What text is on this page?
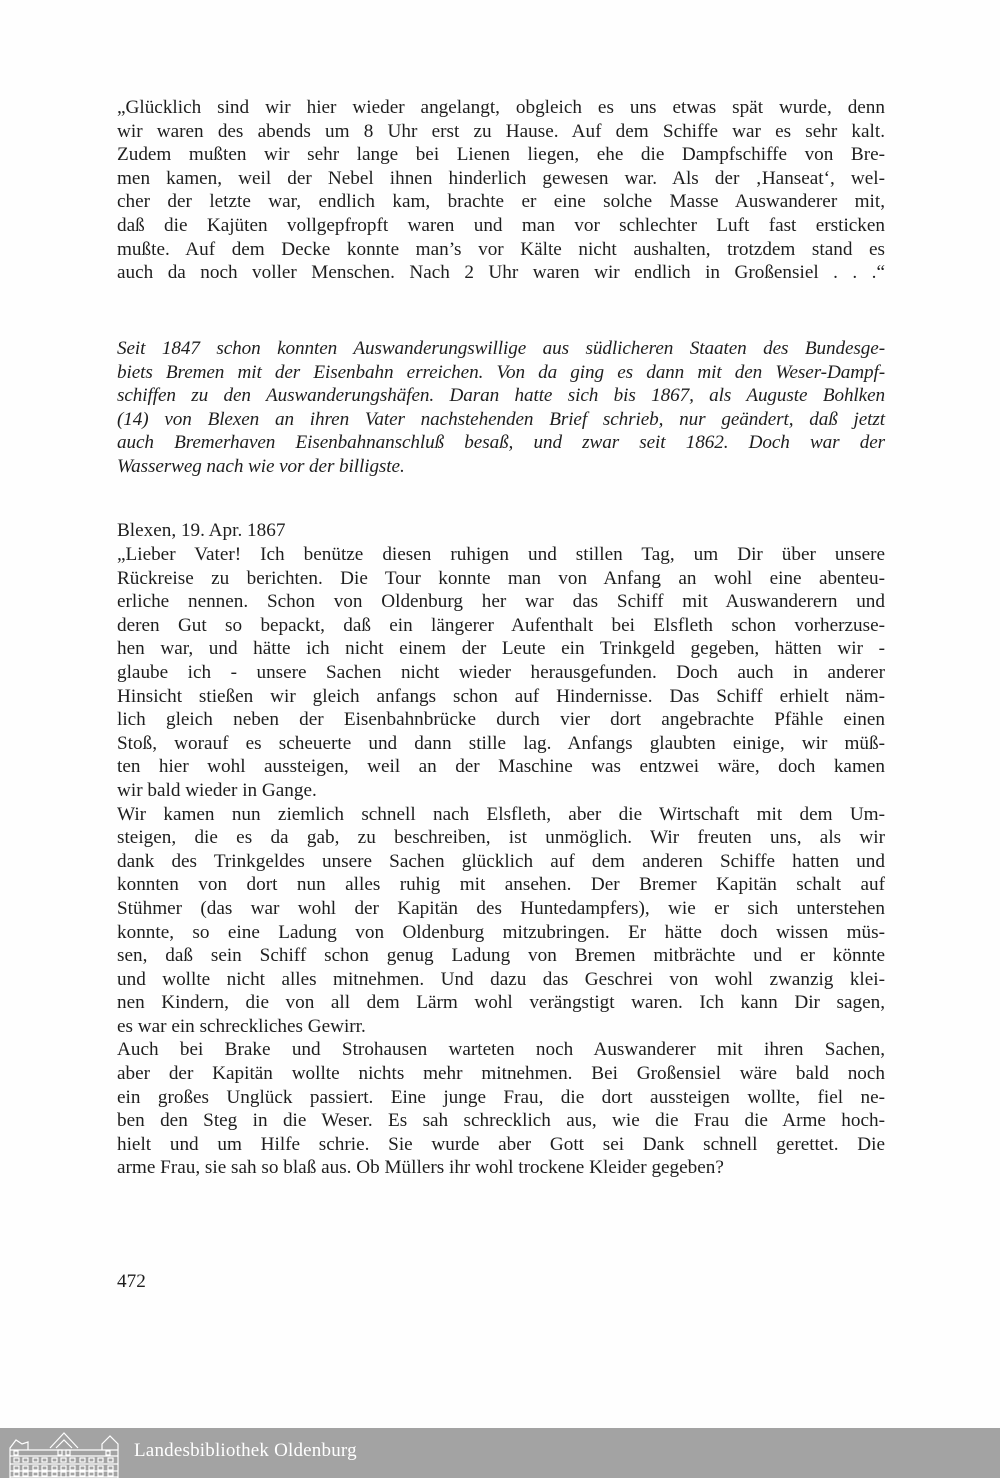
„Glücklich sind wir hier wieder angelangt, obgleich es uns etwas spät wurde, denn
wir waren des abends um 8 Uhr erst zu Hause. Auf dem Schiffe war es sehr kalt.
Zudem mußten wir sehr lange bei Lienen liegen, ehe die Dampfschiffe von Bre-
men kamen, weil der Nebel ihnen hinderlich gewesen war. Als der ‚Hanseat‘, wel-
cher der letzte war, endlich kam, brachte er eine solche Masse Auswanderer mit,
daß die Kajüten vollgepfropft waren und man vor schlechter Luft fast ersticken
mußte. Auf dem Decke konnte man’s vor Kälte nicht aushalten, trotzdem stand es
auch da noch voller Menschen. Nach 2 Uhr waren wir endlich in Großensiel . . .“
Seit 1847 schon konnten Auswanderungswillige aus südlicheren Staaten des Bundesge-
biets Bremen mit der Eisenbahn erreichen. Von da ging es dann mit den Weser-Dampf-
schiffen zu den Auswanderungshäfen. Daran hatte sich bis 1867, als Auguste Bohlken
(14) von Blexen an ihren Vater nachstehenden Brief schrieb, nur geändert, daß jetzt
auch Bremerhaven Eisenbahnanschluß besaß, und zwar seit 1862. Doch war der
Wasserweg nach wie vor der billigste.
Blexen, 19. Apr. 1867
„Lieber Vater! Ich benütze diesen ruhigen und stillen Tag, um Dir über unsere
Rückreise zu berichten. Die Tour konnte man von Anfang an wohl eine abenteu-
erliche nennen. Schon von Oldenburg her war das Schiff mit Auswanderern und
deren Gut so bepackt, daß ein längerer Aufenthalt bei Elsfleth schon vorherzuse-
hen war, und hätte ich nicht einem der Leute ein Trinkgeld gegeben, hätten wir -
glaube ich - unsere Sachen nicht wieder herausgefunden. Doch auch in anderer
Hinsicht stießen wir gleich anfangs schon auf Hindernisse. Das Schiff erhielt näm-
lich gleich neben der Eisenbahnbrücke durch vier dort angebrachte Pfähle einen
Stoß, worauf es scheuerte und dann stille lag. Anfangs glaubten einige, wir müß-
ten hier wohl aussteigen, weil an der Maschine was entzwei wäre, doch kamen
wir bald wieder in Gange.
Wir kamen nun ziemlich schnell nach Elsfleth, aber die Wirtschaft mit dem Um-
steigen, die es da gab, zu beschreiben, ist unmöglich. Wir freuten uns, als wir
dank des Trinkgeldes unsere Sachen glücklich auf dem anderen Schiffe hatten und
konnten von dort nun alles ruhig mit ansehen. Der Bremer Kapitän schalt auf
Stühmer (das war wohl der Kapitän des Huntedampfers), wie er sich unterstehen
konnte, so eine Ladung von Oldenburg mitzubringen. Er hätte doch wissen müs-
sen, daß sein Schiff schon genug Ladung von Bremen mitbrächte und er könnte
und wollte nicht alles mitnehmen. Und dazu das Geschrei von wohl zwanzig klei-
nen Kindern, die von all dem Lärm wohl verängstigt waren. Ich kann Dir sagen,
es war ein schreckliches Gewirr.
Auch bei Brake und Strohausen warteten noch Auswanderer mit ihren Sachen,
aber der Kapitän wollte nichts mehr mitnehmen. Bei Großensiel wäre bald noch
ein großes Unglück passiert. Eine junge Frau, die dort aussteigen wollte, fiel ne-
ben den Steg in die Weser. Es sah schrecklich aus, wie die Frau die Arme hoch-
hielt und um Hilfe schrie. Sie wurde aber Gott sei Dank schnell gerettet. Die
arme Frau, sie sah so blaß aus. Ob Müllers ihr wohl trockene Kleider gegeben?
472
Landesbibliothek Oldenburg
